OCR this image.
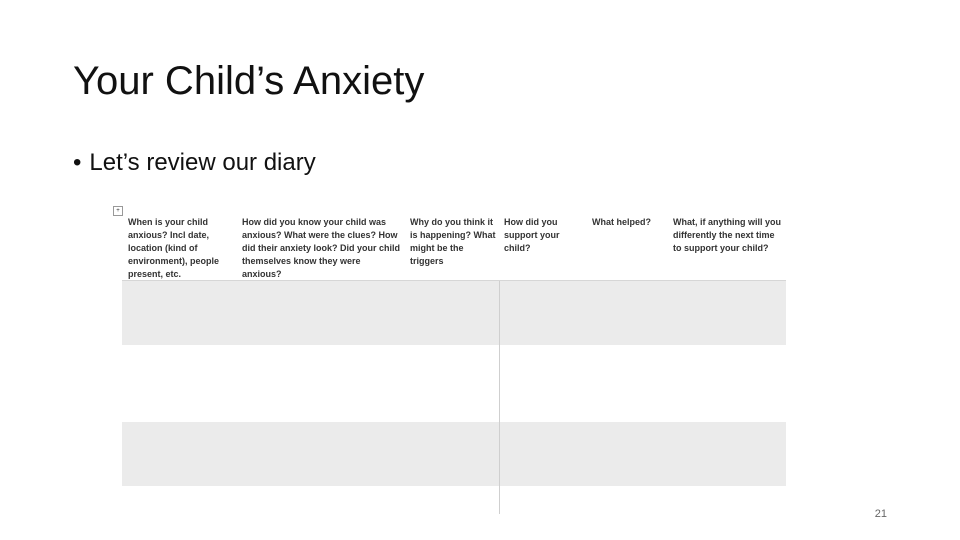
Your Child’s Anxiety
• Let’s review our diary
+
When is your child anxious? Incl date, location (kind of environment), people present, etc.
How did you know your child was anxious? What were the clues? How did their anxiety look? Did your child themselves know they were anxious?
Why do you think it is happening? What might be the triggers
How did you support your child?
What helped?	What, if anything will you differently the next time to support your child?
21
